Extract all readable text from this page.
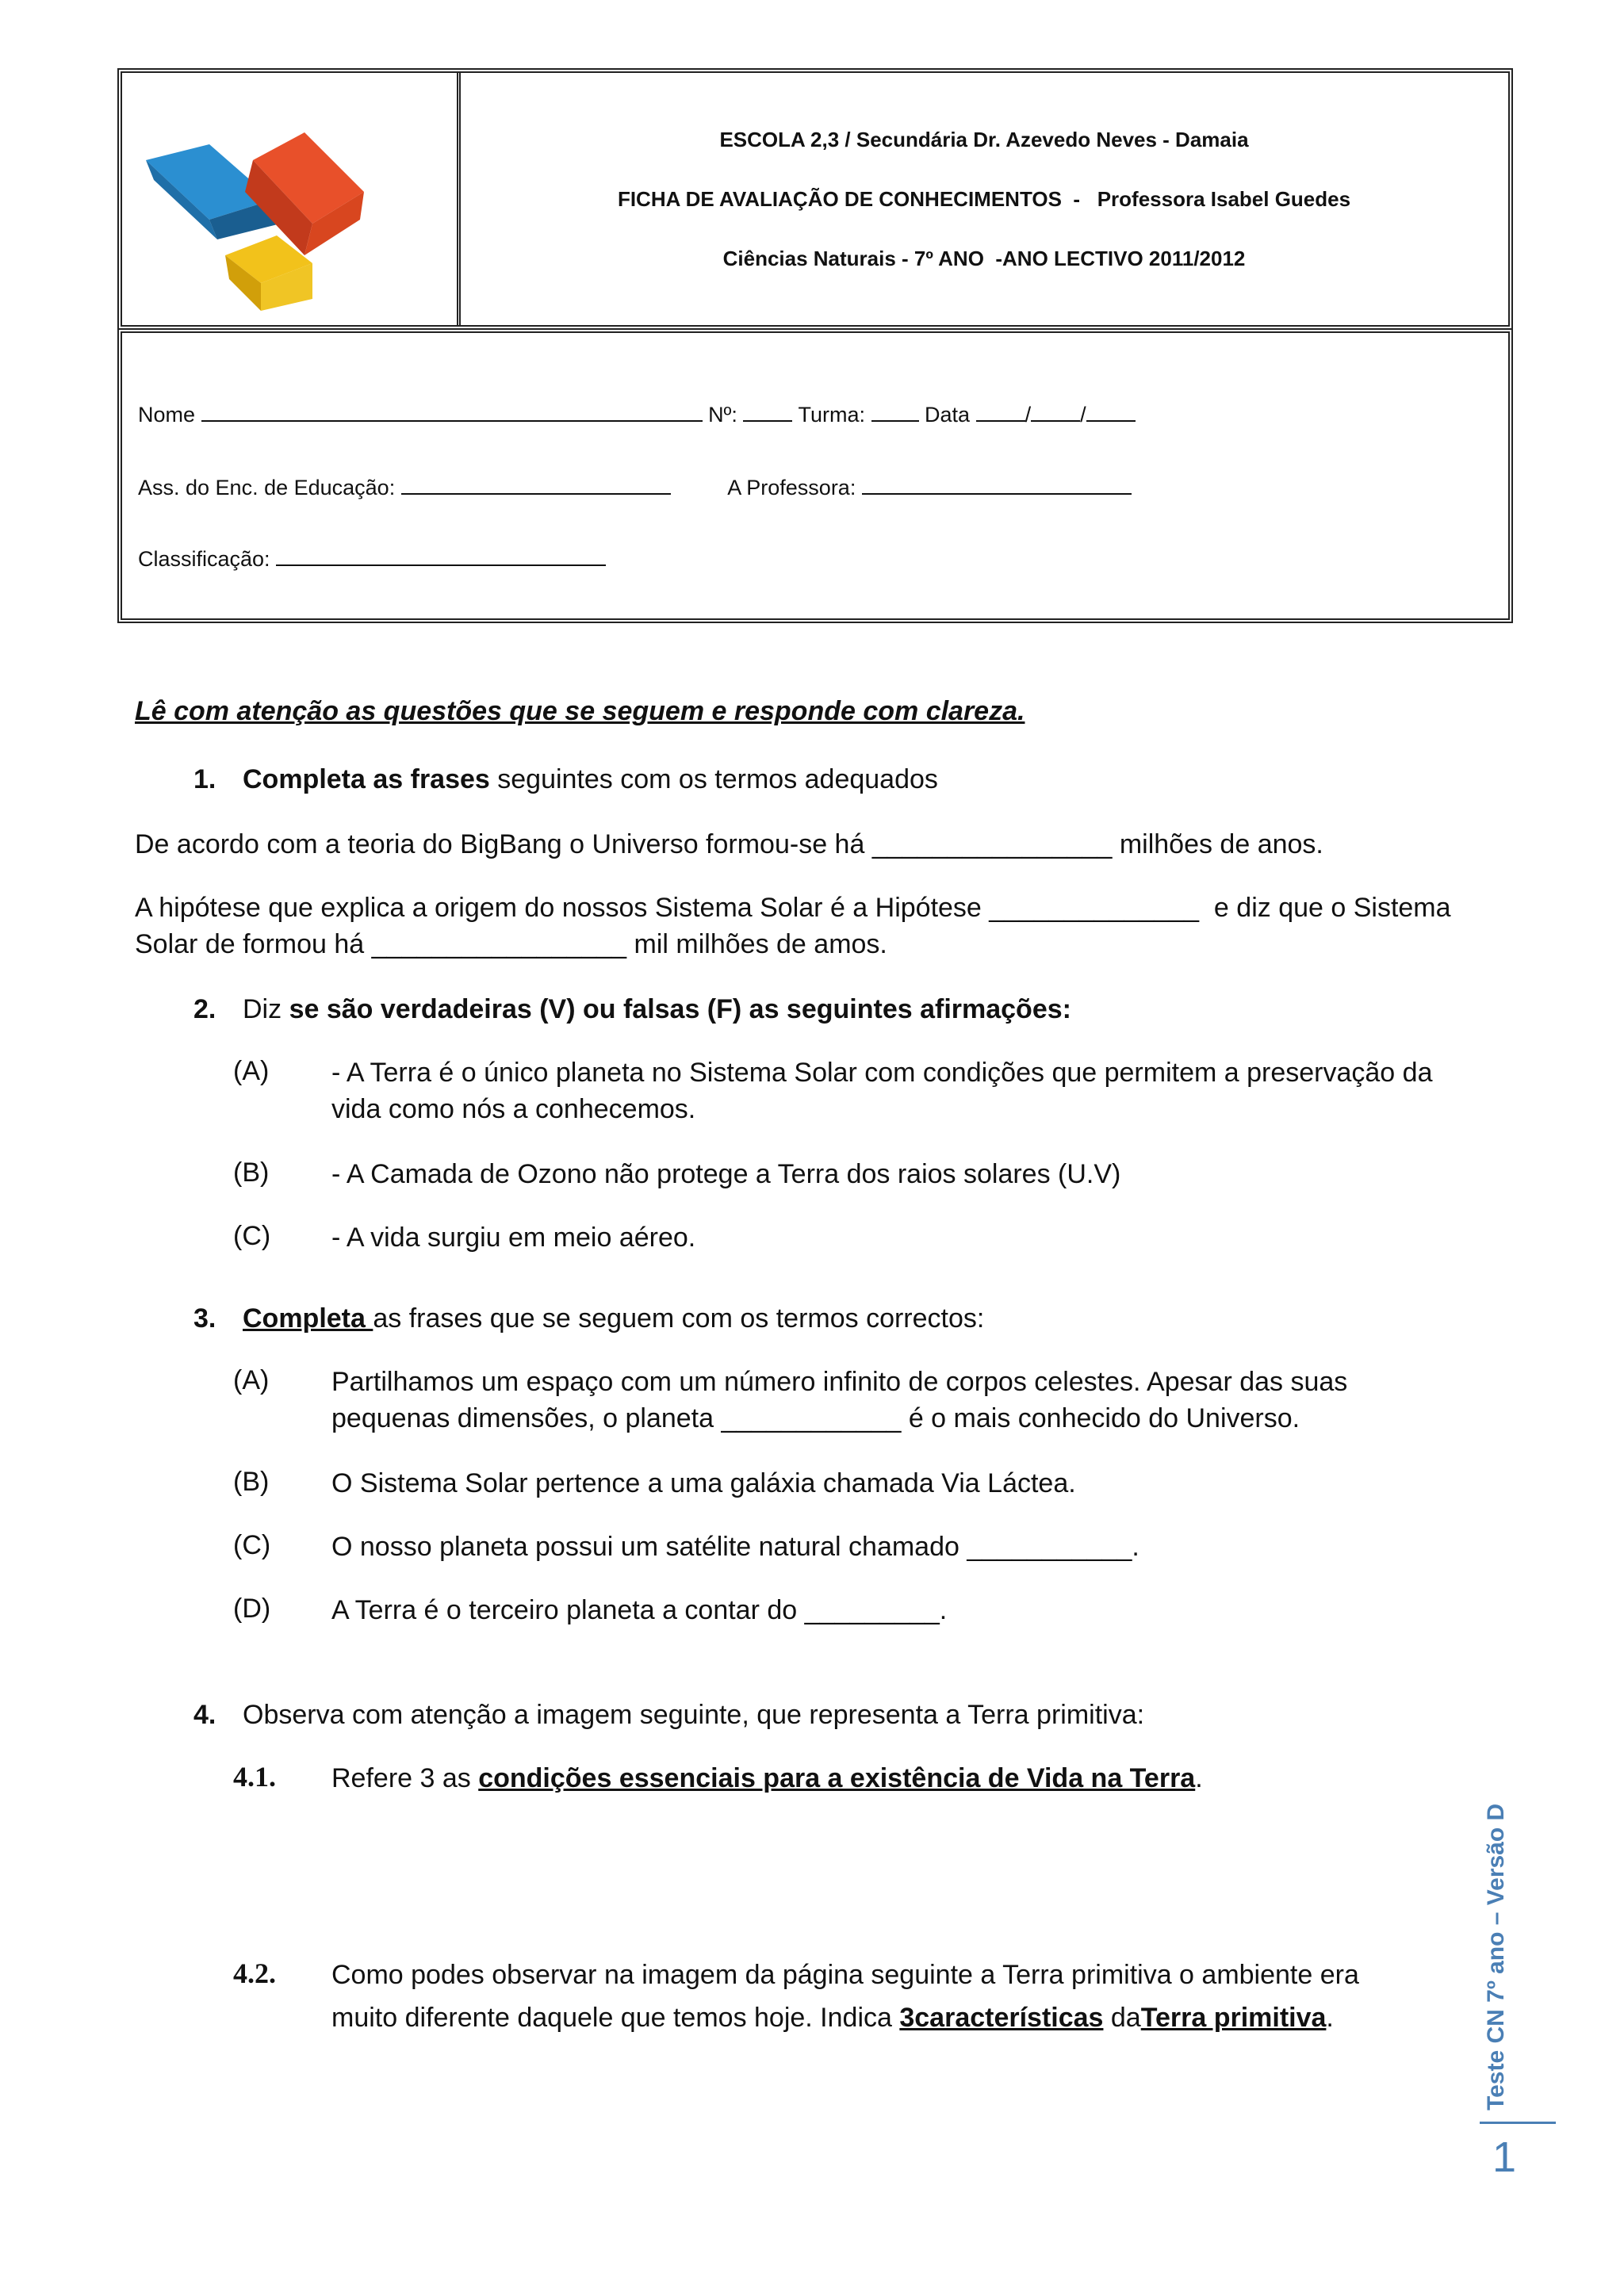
ESCOLA 2,3 / Secundária Dr. Azevedo Neves - Damaia
FICHA DE AVALIAÇÃO DE CONHECIMENTOS  -   Professora Isabel Guedes
Ciências Naturais - 7º ANO  -ANO LECTIVO 2011/2012
Nome	Nº:	Turma:	Data	/ /
Ass. do Enc. de Educação:	A Professora:
Classificação:
Lê com atenção as questões que se seguem e responde com clareza.
1. Completa as frases seguintes com os termos adequados
De acordo com a teoria do BigBang o Universo formou-se há ________________ milhões de anos.
A hipótese que explica a origem do nossos Sistema Solar é a Hipótese ______________  e diz que o Sistema
Solar de formou há _________________ mil milhões de amos.
2. Diz se são verdadeiras (V) ou falsas (F) as seguintes afirmações:
(A) - A Terra é o único planeta no Sistema Solar com condições que permitem a preservação da
vida como nós a conhecemos.
(B) - A Camada de Ozono não protege a Terra dos raios solares (U.V)
(C) - A vida surgiu em meio aéreo.
3. Completa as frases que se seguem com os termos correctos:
(A) Partilhamos um espaço com um número infinito de corpos celestes. Apesar das suas
pequenas dimensões, o planeta ____________ é o mais conhecido do Universo.
(B) O Sistema Solar pertence a uma galáxia chamada Via Láctea.
(C) O nosso planeta possui um satélite natural chamado ___________.
(D) A Terra é o terceiro planeta a contar do _________.
4. Observa com atenção a imagem seguinte, que representa a Terra primitiva:
4.1. Refere 3 as condições essenciais para a existência de Vida na Terra.
4.2. Como podes observar na imagem da página seguinte a Terra primitiva o ambiente era
muito diferente daquele que temos hoje. Indica 3características daTerra primitiva.	Teste CN 7º ano – Versão D
1
